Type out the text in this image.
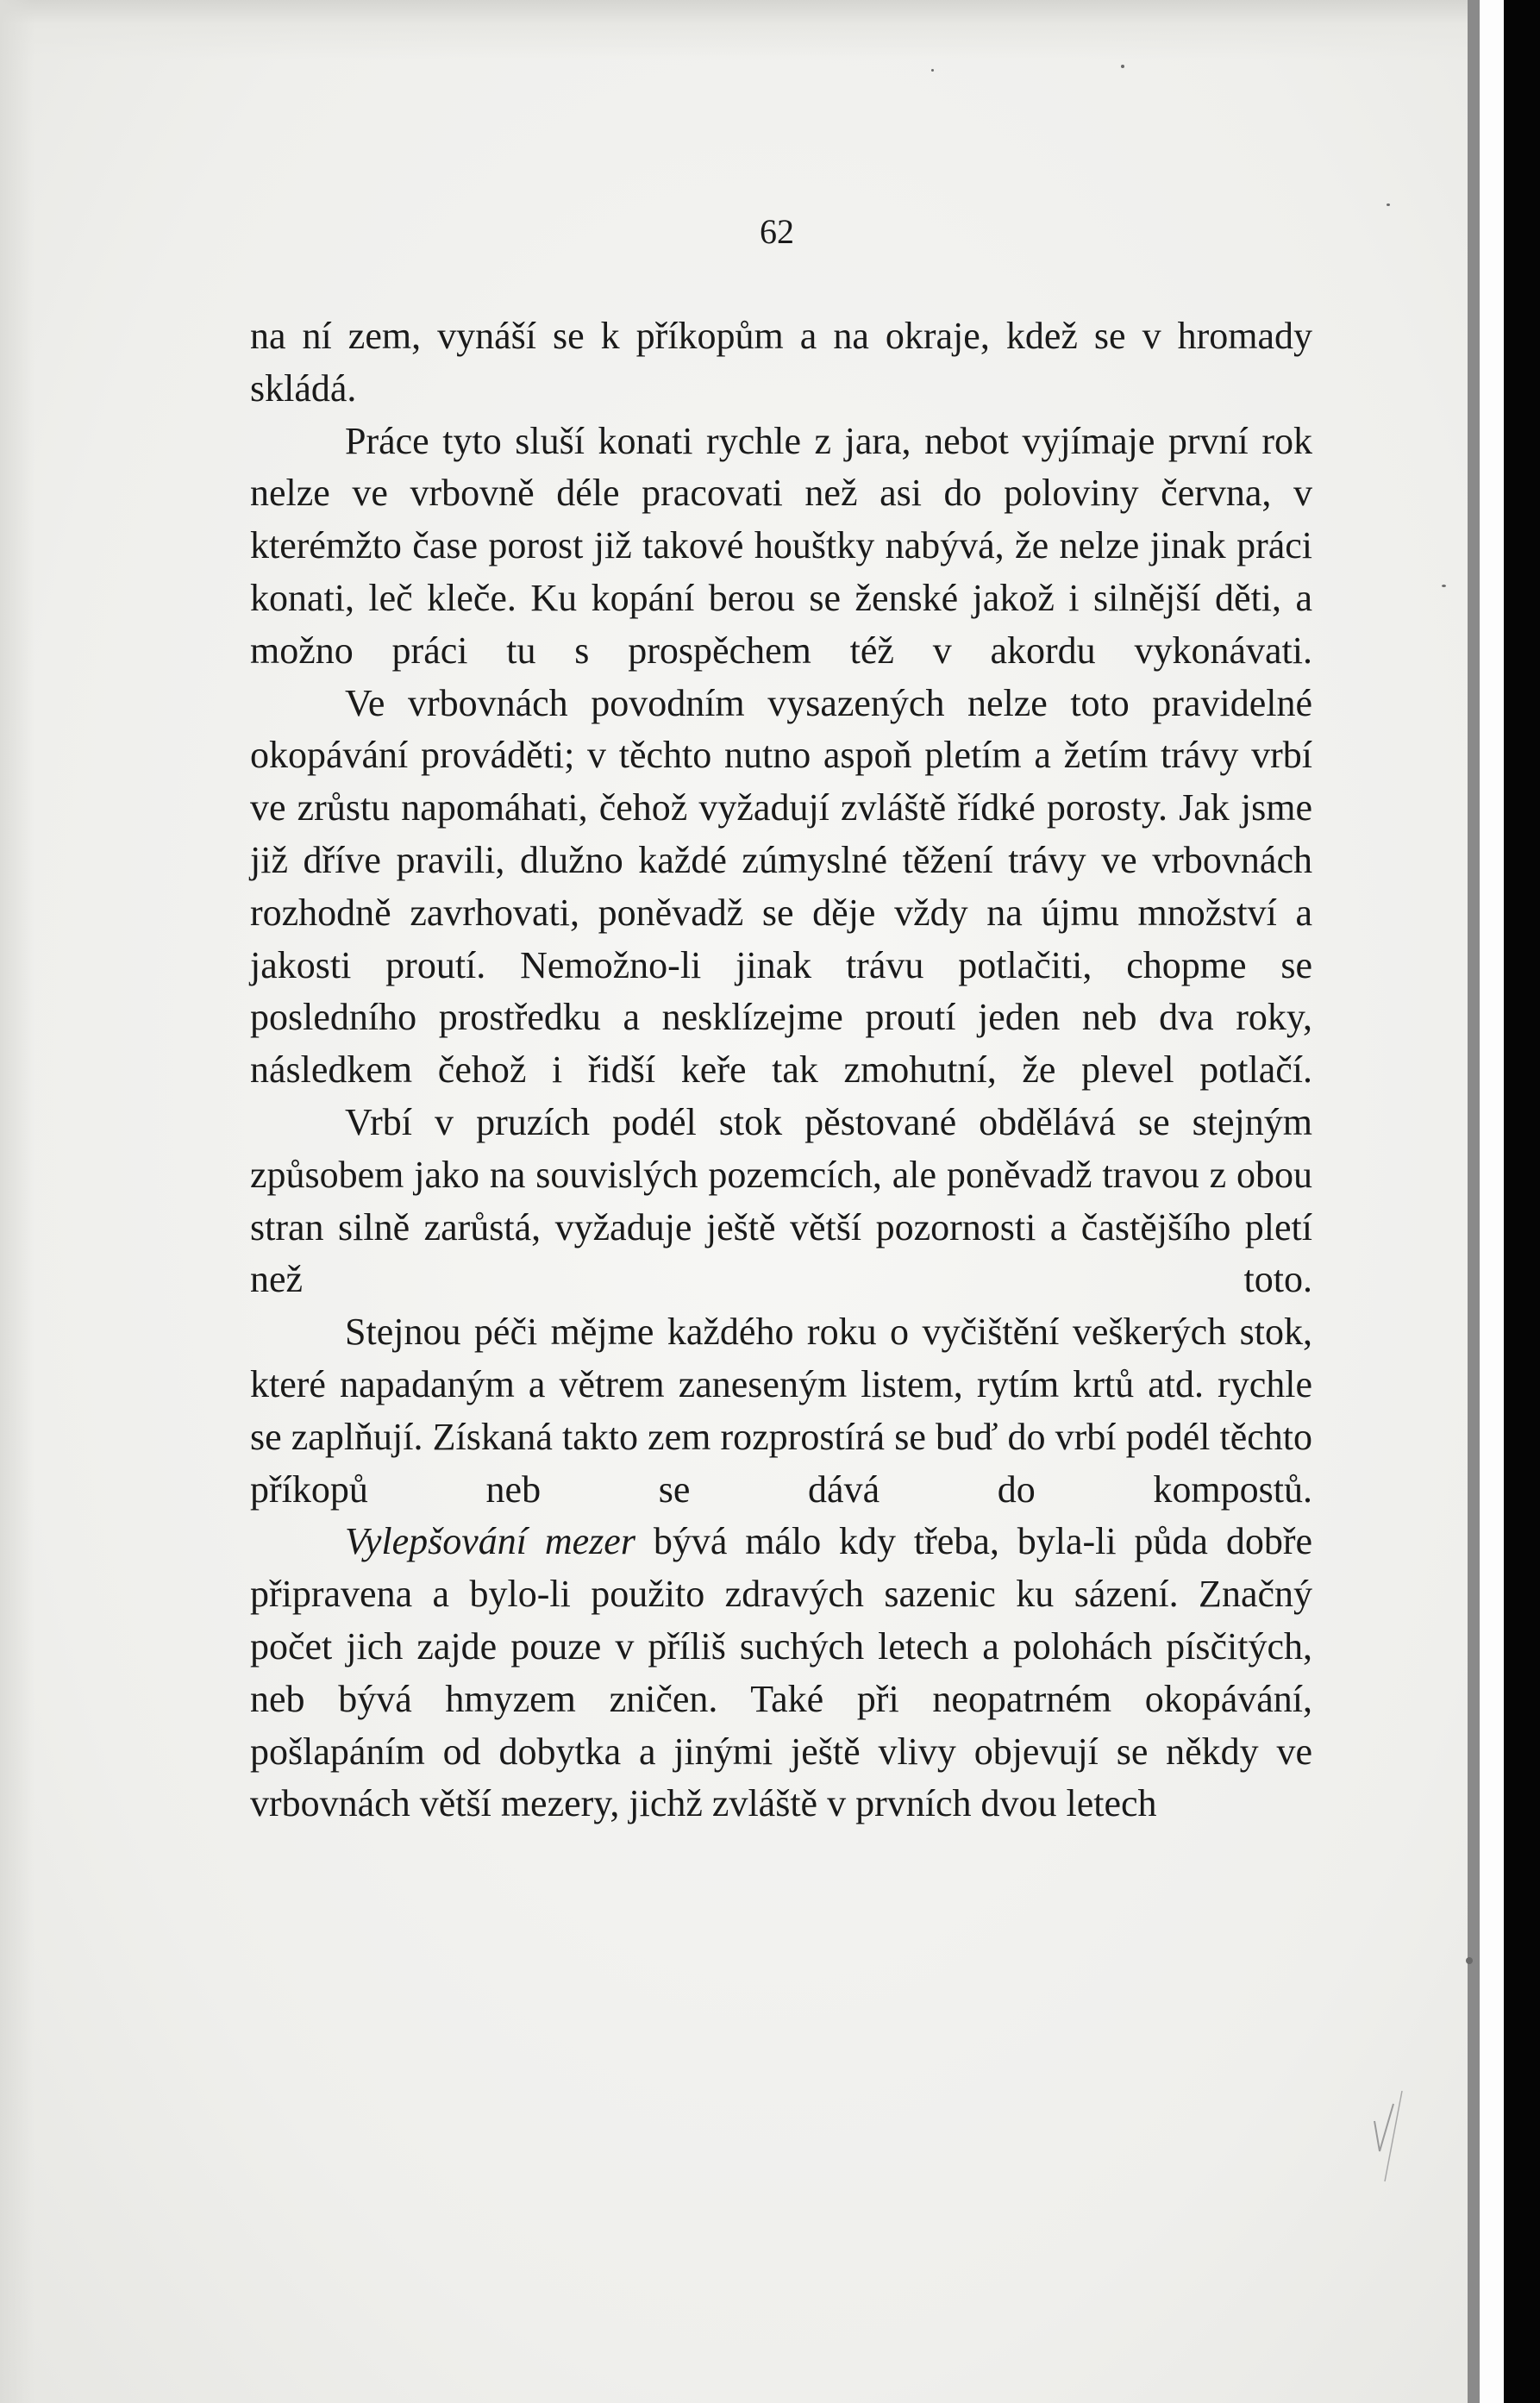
62

na ní zem, vynáší se k příkopům a na okraje, kdež se v hromady skládá.

Práce tyto sluší konati rychle z jara, nebot vyjímaje první rok nelze ve vrbovně déle pracovati než asi do poloviny června, v kterémžto čase porost již takové houštky nabývá, že nelze jinak práci konati, leč kleče. Ku kopání berou se ženské jakož i silnější děti, a možno práci tu s prospěchem též v akordu vykonávati.

Ve vrbovnách povodním vysazených nelze toto pravidelné okopávání prováděti; v těchto nutno aspoň pletím a žetím trávy vrbí ve zrůstu napomáhati, čehož vyžadují zvláště řídké porosty. Jak jsme již dříve pravili, dlužno každé zúmyslné těžení trávy ve vrbovnách rozhodně zavrhovati, poněvadž se děje vždy na újmu množství a jakosti proutí. Nemožno-li jinak trávu potlačiti, chopme se posledního prostředku a nesklízejme proutí jeden neb dva roky, následkem čehož i řidší keře tak zmohutní, že plevel potlačí.

Vrbí v pruzích podél stok pěstované obdělává se stejným způsobem jako na souvislých pozemcích, ale poněvadž travou z obou stran silně zarůstá, vyžaduje ještě větší pozornosti a častějšího pletí než toto.

Stejnou péči mějme každého roku o vyčištění veškerých stok, které napadaným a větrem zaneseným listem, rytím krtů atd. rychle se zaplňují. Získaná takto zem rozprostírá se buď do vrbí podél těchto příkopů neb se dává do kompostů.

Vylepšování mezer bývá málo kdy třeba, byla-li půda dobře připravena a bylo-li použito zdravých sazenic ku sázení. Značný počet jich zajde pouze v příliš suchých letech a polohách písčitých, neb bývá hmyzem zničen. Také při neopatrném okopávání, pošlapáním od dobytka a jinými ještě vlivy objevují se někdy ve vrbovnách větší mezery, jichž zvláště v prvních dvou letech
